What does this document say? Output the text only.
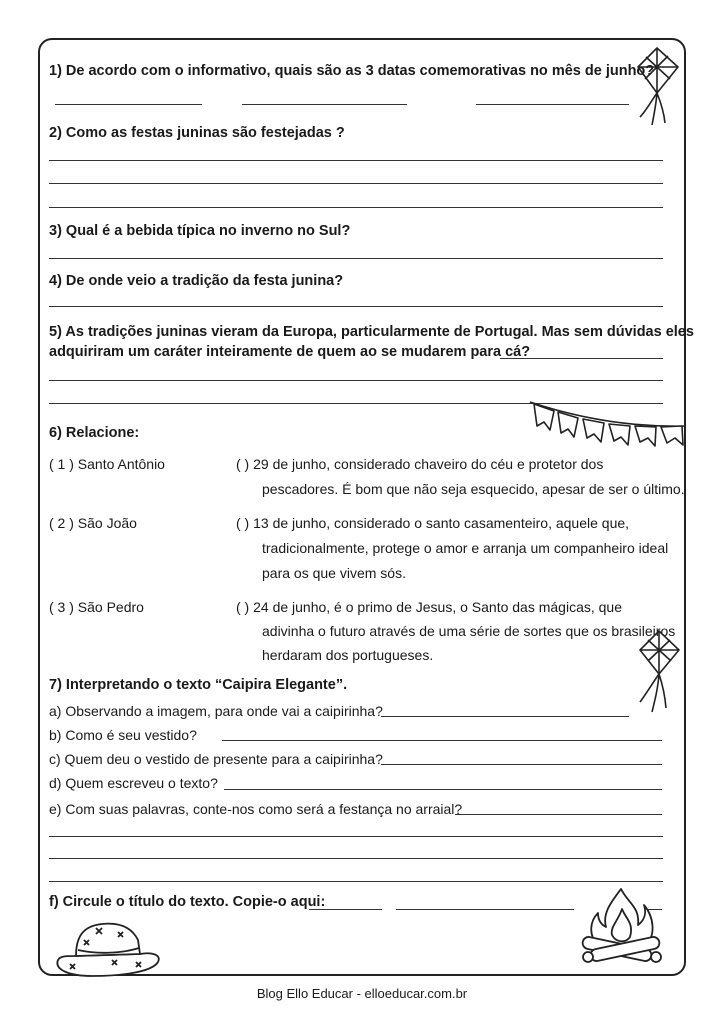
1) De acordo com o informativo, quais são as 3 datas comemorativas no mês de junho?
2) Como as festas juninas são festejadas ?
3) Qual é a bebida típica no inverno no Sul?
4) De onde veio a tradição da festa junina?
5) As tradições juninas vieram da Europa, particularmente de Portugal. Mas sem dúvidas eles
adquiriram um caráter inteiramente de quem ao se mudarem para cá?
6) Relacione:
( 1 ) Santo Antônio	( ) 29 de junho, considerado chaveiro do céu e protetor dos
pescadores. É bom que não seja esquecido, apesar de ser o último.
( 2 ) São João	( ) 13 de junho, considerado o santo casamenteiro, aquele que,
tradicionalmente, protege o amor e arranja um companheiro ideal
para os que vivem sós.
( 3 ) São Pedro	( ) 24 de junho, é o primo de Jesus, o Santo das mágicas, que
adivinha o futuro através de uma série de sortes que os brasileiros
herdaram dos portugueses.
7) Interpretando o texto “Caipira Elegante”.
a) Observando a imagem, para onde vai a caipirinha?
b) Como é seu vestido?
c) Quem deu o vestido de presente para a caipirinha?
d) Quem escreveu o texto?
e) Com suas palavras, conte-nos como será a festança no arraial?
f) Circule o título do texto. Copie-o aqui:
Blog Ello Educar - elloeducar.com.br
